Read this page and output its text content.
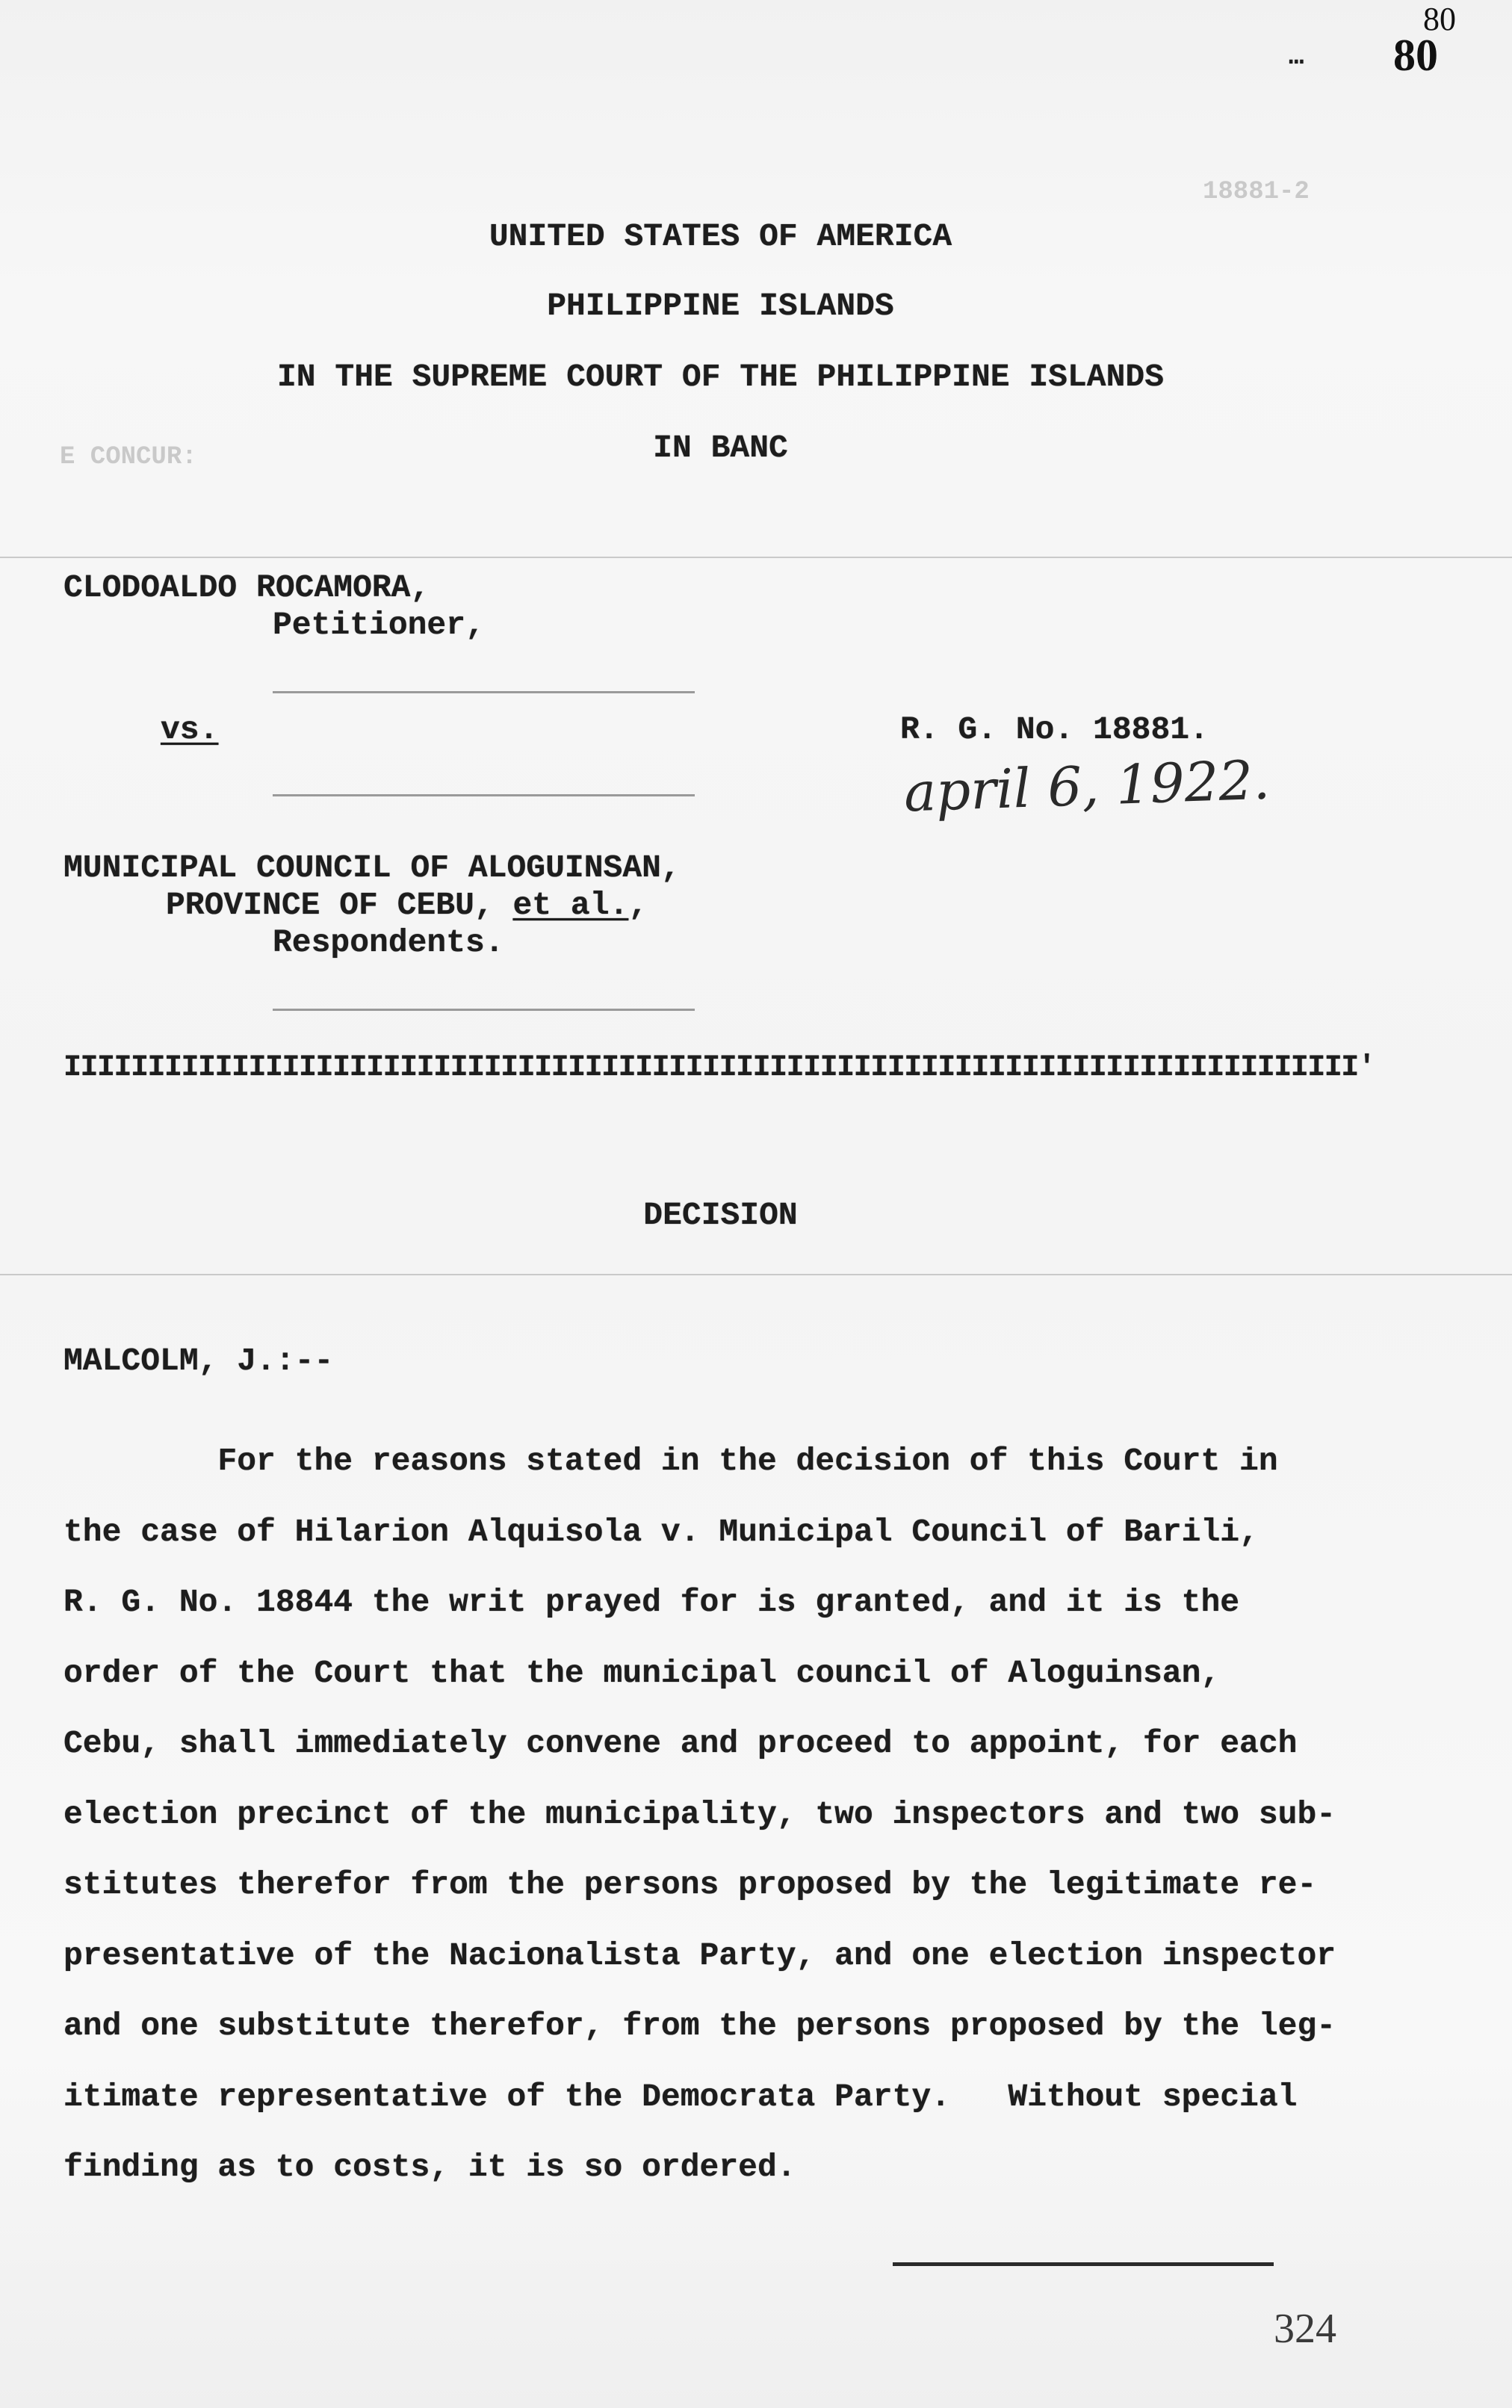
… 80
80
18881-2
E CONCUR:
UNITED STATES OF AMERICA
PHILIPPINE ISLANDS
IN THE SUPREME COURT OF THE PHILIPPINE ISLANDS
IN BANC
CLODOALDO ROCAMORA,
Petitioner,
vs.	R. G. No. 18881.
april 6, 1922.
MUNICIPAL COUNCIL OF ALOGUINSAN,
PROVINCE OF CEBU, et al.,
Respondents.
IIIIIIIIIIIIIIIIIIIIIIIIIIIIIIIIIIIIIIIIIIIIIIIIIIIIIIIIIIIIIIIIIIIIIIIIIIIII'
DECISION
MALCOLM, J.:--
For the reasons stated in the decision of this Court in
the case of Hilarion Alquisola v. Municipal Council of Barili,
R. G. No. 18844 the writ prayed for is granted, and it is the
order of the Court that the municipal council of Aloguinsan,
Cebu, shall immediately convene and proceed to appoint, for each
election precinct of the municipality, two inspectors and two sub-
stitutes therefor from the persons proposed by the legitimate re-
presentative of the Nacionalista Party, and one election inspector
and one substitute therefor, from the persons proposed by the leg-
itimate representative of the Democrata Party.   Without special
finding as to costs, it is so ordered.
324
